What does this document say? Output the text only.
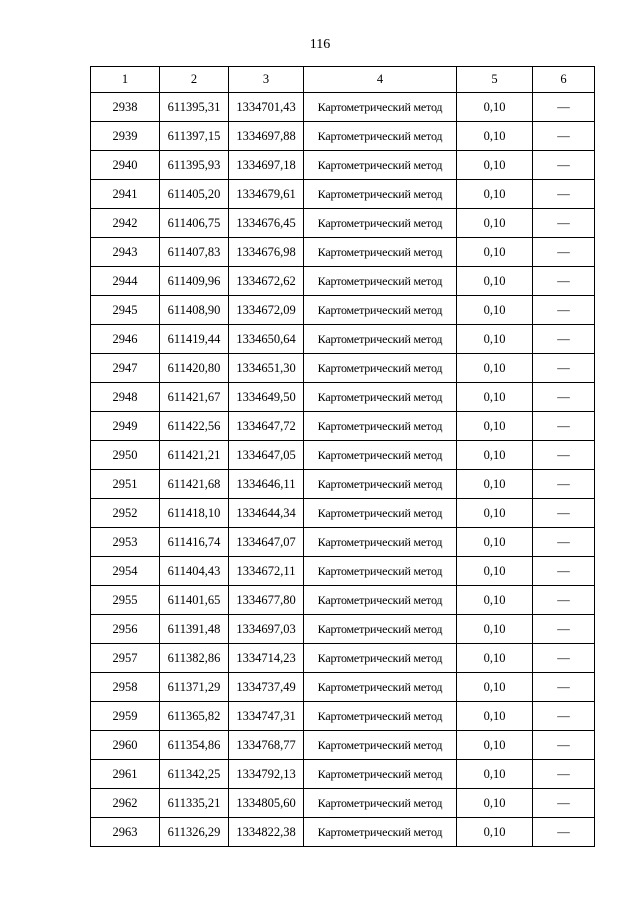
116
1	2	3	4	5	6
2938	611395,31	1334701,43	Картометрический метод	0,10	—
2939	611397,15	1334697,88	Картометрический метод	0,10	—
2940	611395,93	1334697,18	Картометрический метод	0,10	—
2941	611405,20	1334679,61	Картометрический метод	0,10	—
2942	611406,75	1334676,45	Картометрический метод	0,10	—
2943	611407,83	1334676,98	Картометрический метод	0,10	—
2944	611409,96	1334672,62	Картометрический метод	0,10	—
2945	611408,90	1334672,09	Картометрический метод	0,10	—
2946	611419,44	1334650,64	Картометрический метод	0,10	—
2947	611420,80	1334651,30	Картометрический метод	0,10	—
2948	611421,67	1334649,50	Картометрический метод	0,10	—
2949	611422,56	1334647,72	Картометрический метод	0,10	—
2950	611421,21	1334647,05	Картометрический метод	0,10	—
2951	611421,68	1334646,11	Картометрический метод	0,10	—
2952	611418,10	1334644,34	Картометрический метод	0,10	—
2953	611416,74	1334647,07	Картометрический метод	0,10	—
2954	611404,43	1334672,11	Картометрический метод	0,10	—
2955	611401,65	1334677,80	Картометрический метод	0,10	—
2956	611391,48	1334697,03	Картометрический метод	0,10	—
2957	611382,86	1334714,23	Картометрический метод	0,10	—
2958	611371,29	1334737,49	Картометрический метод	0,10	—
2959	611365,82	1334747,31	Картометрический метод	0,10	—
2960	611354,86	1334768,77	Картометрический метод	0,10	—
2961	611342,25	1334792,13	Картометрический метод	0,10	—
2962	611335,21	1334805,60	Картометрический метод	0,10	—
2963	611326,29	1334822,38	Картометрический метод	0,10	—
